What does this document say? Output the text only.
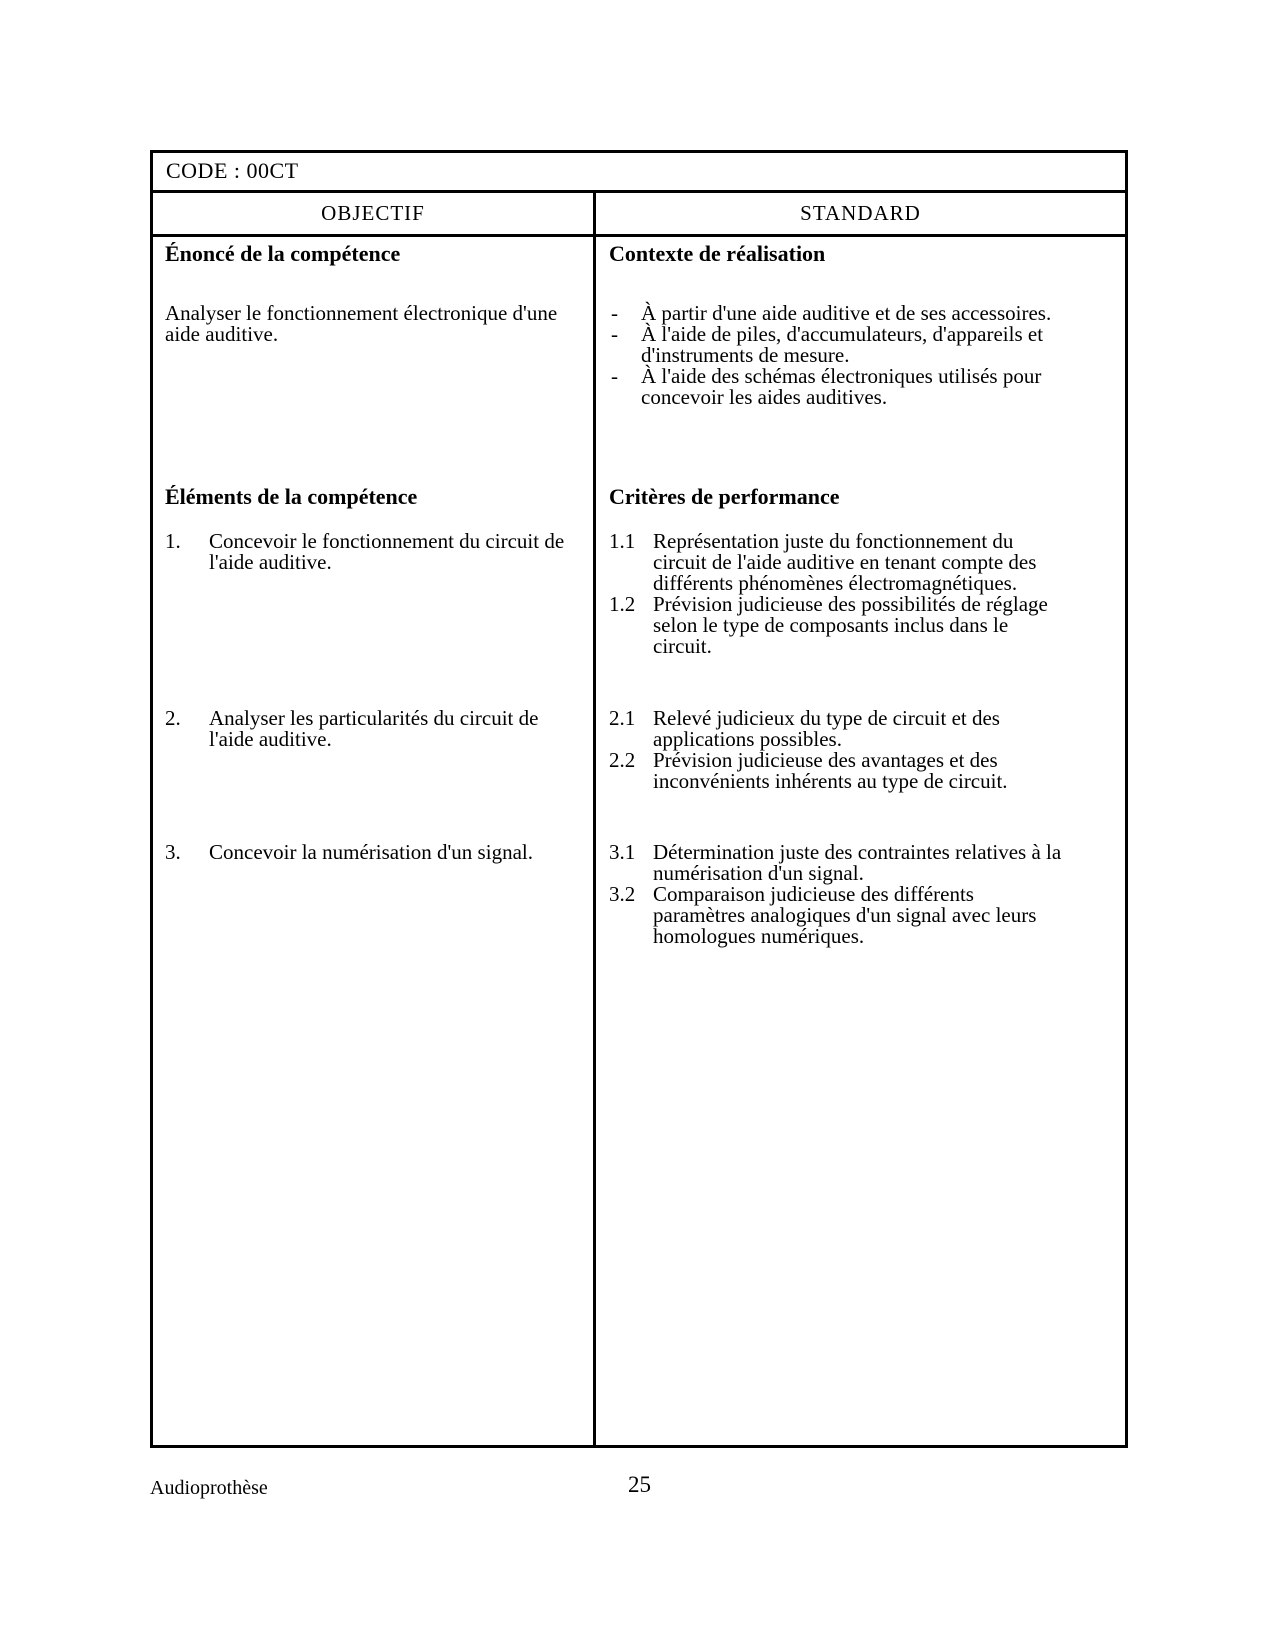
CODE : 00CT
OBJECTIF	STANDARD
Énoncé de la compétence
Analyser le fonctionnement électronique d'une aide auditive.
Contexte de réalisation
- À partir d'une aide auditive et de ses accessoires.
- À l'aide de piles, d'accumulateurs, d'appareils et d'instruments de mesure.
- À l'aide des schémas électroniques utilisés pour concevoir les aides auditives.
Éléments de la compétence
1. Concevoir le fonctionnement du circuit de l'aide auditive.
2. Analyser les particularités du circuit de l'aide auditive.
3. Concevoir la numérisation d'un signal.
Critères de performance
1.1 Représentation juste du fonctionnement du circuit de l'aide auditive en tenant compte des différents phénomènes électromagnétiques.
1.2 Prévision judicieuse des possibilités de réglage selon le type de composants inclus dans le circuit.
2.1 Relevé judicieux du type de circuit et des applications possibles.
2.2 Prévision judicieuse des avantages et des inconvénients inhérents au type de circuit.
3.1 Détermination juste des contraintes relatives à la numérisation d'un signal.
3.2 Comparaison judicieuse des différents paramètres analogiques d'un signal avec leurs homologues numériques.
Audioprothèse	25
